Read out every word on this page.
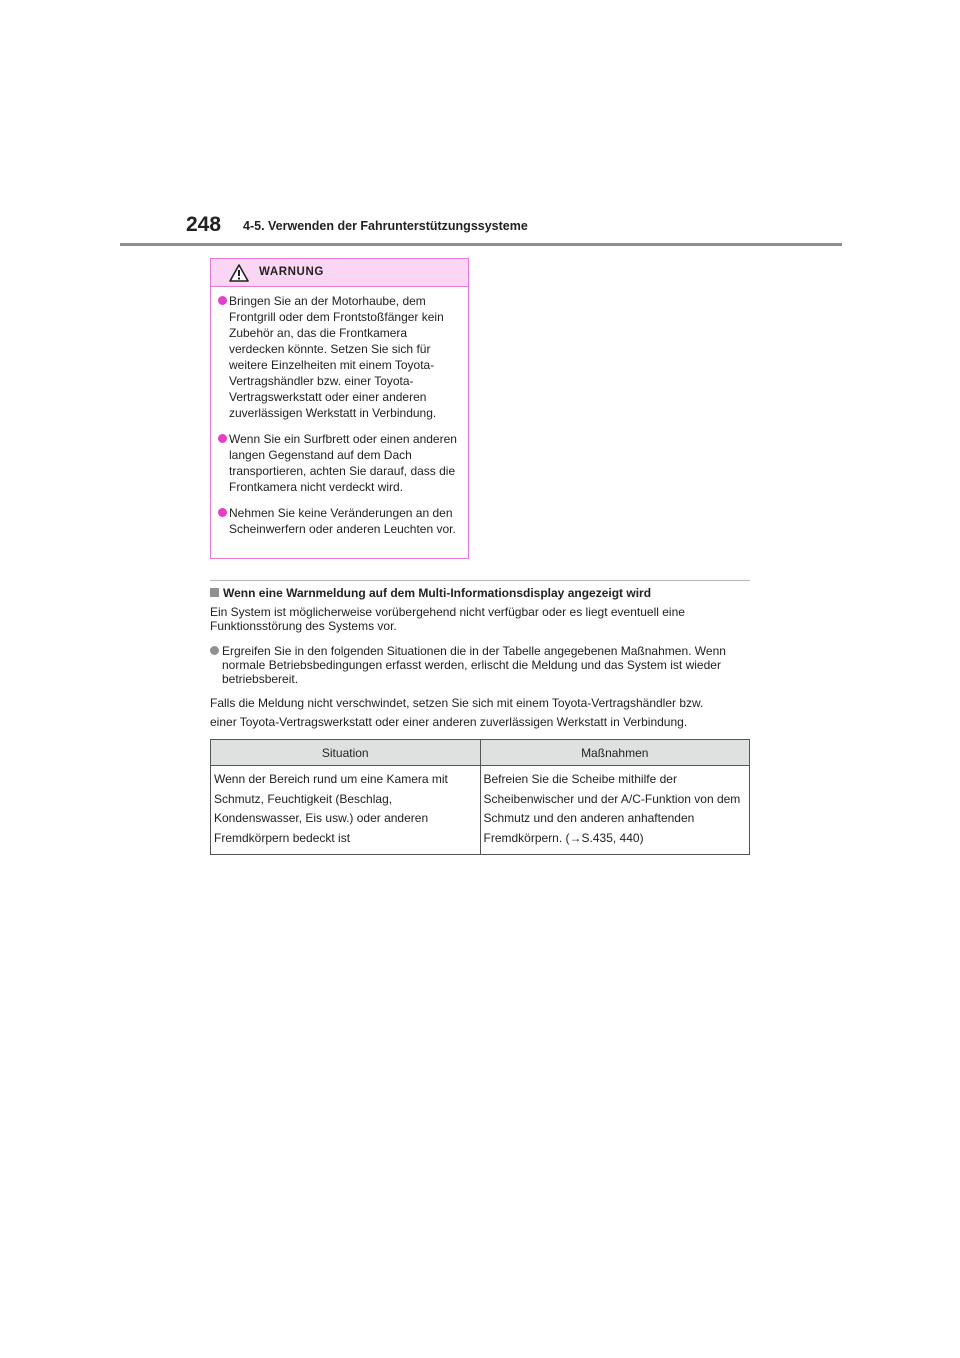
248 4-5. Verwenden der Fahrunterstützungssysteme
WARNUNG
Bringen Sie an der Motorhaube, dem Frontgrill oder dem Frontstoßfänger kein Zubehör an, das die Frontkamera verdecken könnte. Setzen Sie sich für weitere Einzelheiten mit einem Toyota-Vertragshändler bzw. einer Toyota-Vertragswerkstatt oder einer anderen zuverlässigen Werkstatt in Verbindung.
Wenn Sie ein Surfbrett oder einen anderen langen Gegenstand auf dem Dach transportieren, achten Sie darauf, dass die Frontkamera nicht verdeckt wird.
Nehmen Sie keine Veränderungen an den Scheinwerfern oder anderen Leuchten vor.
Wenn eine Warnmeldung auf dem Multi-Informationsdisplay angezeigt wird
Ein System ist möglicherweise vorübergehend nicht verfügbar oder es liegt eventuell eine Funktionsstörung des Systems vor.
Ergreifen Sie in den folgenden Situationen die in der Tabelle angegebenen Maßnahmen. Wenn normale Betriebsbedingungen erfasst werden, erlischt die Meldung und das System ist wieder betriebsbereit.
Falls die Meldung nicht verschwindet, setzen Sie sich mit einem Toyota-Vertragshändler bzw.
einer Toyota-Vertragswerkstatt oder einer anderen zuverlässigen Werkstatt in Verbindung.
Situation	Maßnahmen
Wenn der Bereich rund um eine Kamera mit Schmutz, Feuchtigkeit (Beschlag, Kondenswasser, Eis usw.) oder anderen Fremdkörpern bedeckt ist	Befreien Sie die Scheibe mithilfe der Scheibenwischer und der A/C-Funktion von dem Schmutz und den anderen anhaftenden Fremdkörpern. (→S.435, 440)
